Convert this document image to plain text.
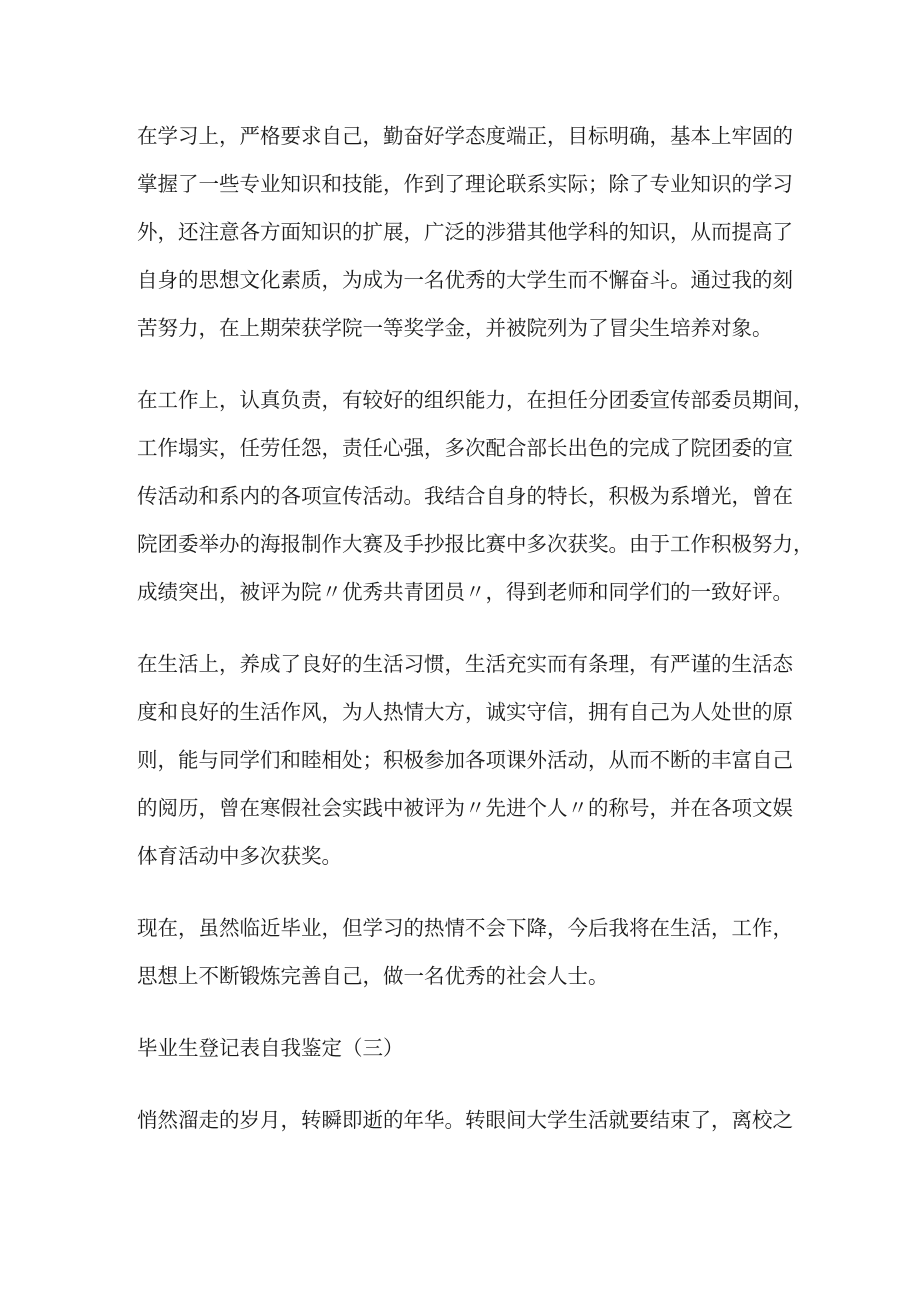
在学习上，严格要求自己，勤奋好学态度端正，目标明确，基本上牢固的
掌握了一些专业知识和技能，作到了理论联系实际；除了专业知识的学习
外，还注意各方面知识的扩展，广泛的涉猎其他学科的知识，从而提高了
自身的思想文化素质，为成为一名优秀的大学生而不懈奋斗。通过我的刻
苦努力，在上期荣获学院一等奖学金，并被院列为了冒尖生培养对象。
在工作上，认真负责，有较好的组织能力，在担任分团委宣传部委员期间，
工作塌实，任劳任怨，责任心强，多次配合部长出色的完成了院团委的宣
传活动和系内的各项宣传活动。我结合自身的特长，积极为系增光，曾在
院团委举办的海报制作大赛及手抄报比赛中多次获奖。由于工作积极努力，
成绩突出，被评为院〃优秀共青团员〃，得到老师和同学们的一致好评。
在生活上，养成了良好的生活习惯，生活充实而有条理，有严谨的生活态
度和良好的生活作风，为人热情大方，诚实守信，拥有自己为人处世的原
则，能与同学们和睦相处；积极参加各项课外活动，从而不断的丰富自己
的阅历，曾在寒假社会实践中被评为〃先进个人〃的称号，并在各项文娱
体育活动中多次获奖。
现在，虽然临近毕业，但学习的热情不会下降，今后我将在生活，工作，
思想上不断锻炼完善自己，做一名优秀的社会人士。
毕业生登记表自我鉴定（三）
悄然溜走的岁月，转瞬即逝的年华。转眼间大学生活就要结束了，离校之
